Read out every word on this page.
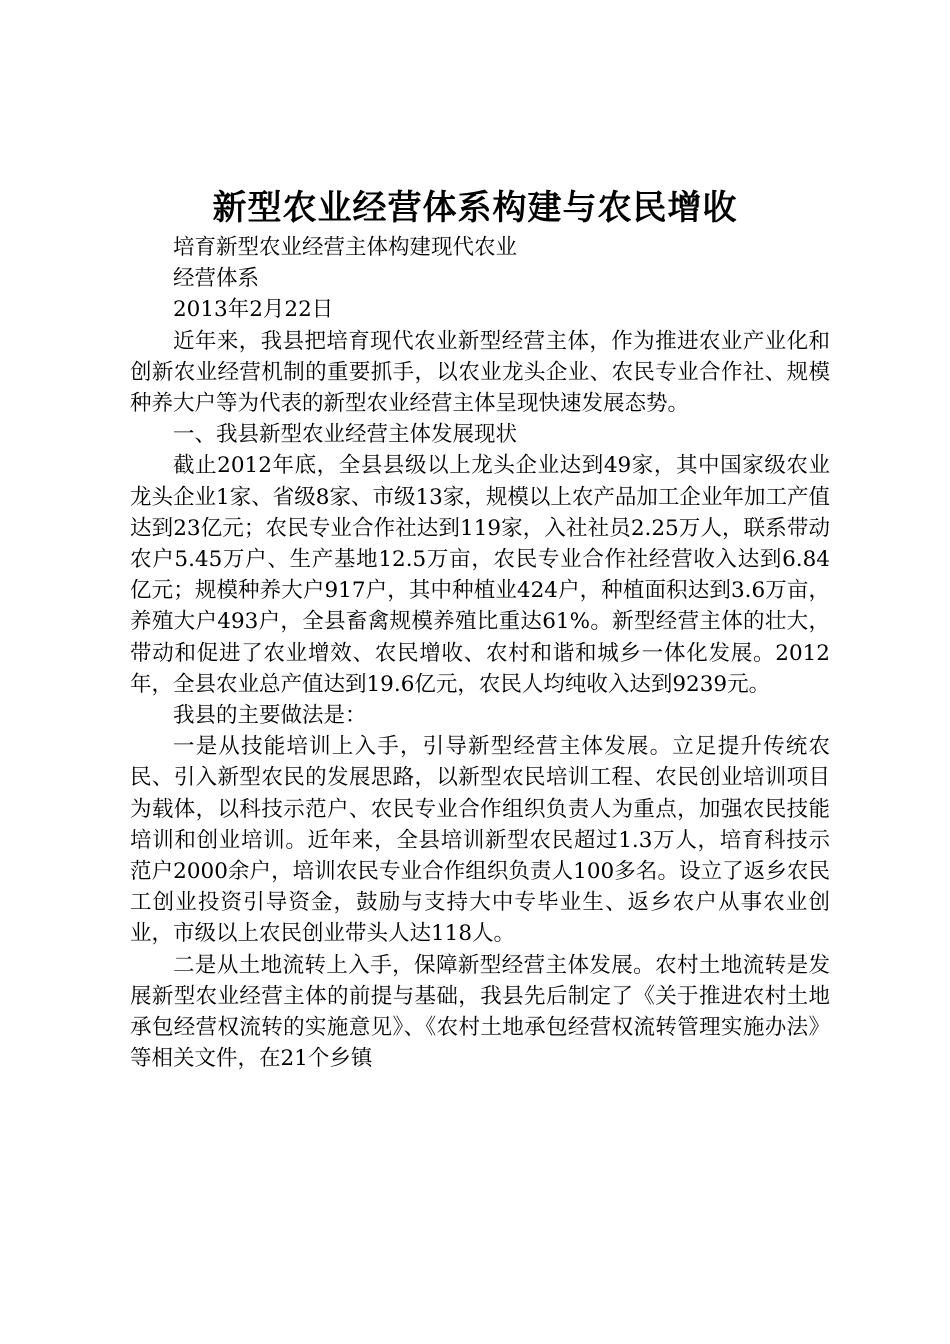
新型农业经营体系构建与农民增收

培育新型农业经营主体构建现代农业

经营体系

2013年2月22日

近年来，我县把培育现代农业新型经营主体，作为推进农业产业化和创新农业经营机制的重要抓手，以农业龙头企业、农民专业合作社、规模种养大户等为代表的新型农业经营主体呈现快速发展态势。

一、我县新型农业经营主体发展现状

截止2012年底，全县县级以上龙头企业达到49家，其中国家级农业龙头企业1家、省级8家、市级13家，规模以上农产品加工企业年加工产值达到23亿元；农民专业合作社达到119家，入社社员2.25万人，联系带动农户5.45万户、生产基地12.5万亩，农民专业合作社经营收入达到6.84亿元；规模种养大户917户，其中种植业424户，种植面积达到3.6万亩，养殖大户493户，全县畜禽规模养殖比重达61%。新型经营主体的壮大，带动和促进了农业增效、农民增收、农村和谐和城乡一体化发展。2012年，全县农业总产值达到19.6亿元，农民人均纯收入达到9239元。

我县的主要做法是：

一是从技能培训上入手，引导新型经营主体发展。立足提升传统农民、引入新型农民的发展思路，以新型农民培训工程、农民创业培训项目为载体，以科技示范户、农民专业合作组织负责人为重点，加强农民技能培训和创业培训。近年来，全县培训新型农民超过1.3万人，培育科技示范户2000余户，培训农民专业合作组织负责人100多名。设立了返乡农民工创业投资引导资金，鼓励与支持大中专毕业生、返乡农户从事农业创业，市级以上农民创业带头人达118人。

二是从土地流转上入手，保障新型经营主体发展。农村土地流转是发展新型农业经营主体的前提与基础，我县先后制定了《关于推进农村土地承包经营权流转的实施意见》、《农村土地承包经营权流转管理实施办法》等相关文件，在21个乡镇
